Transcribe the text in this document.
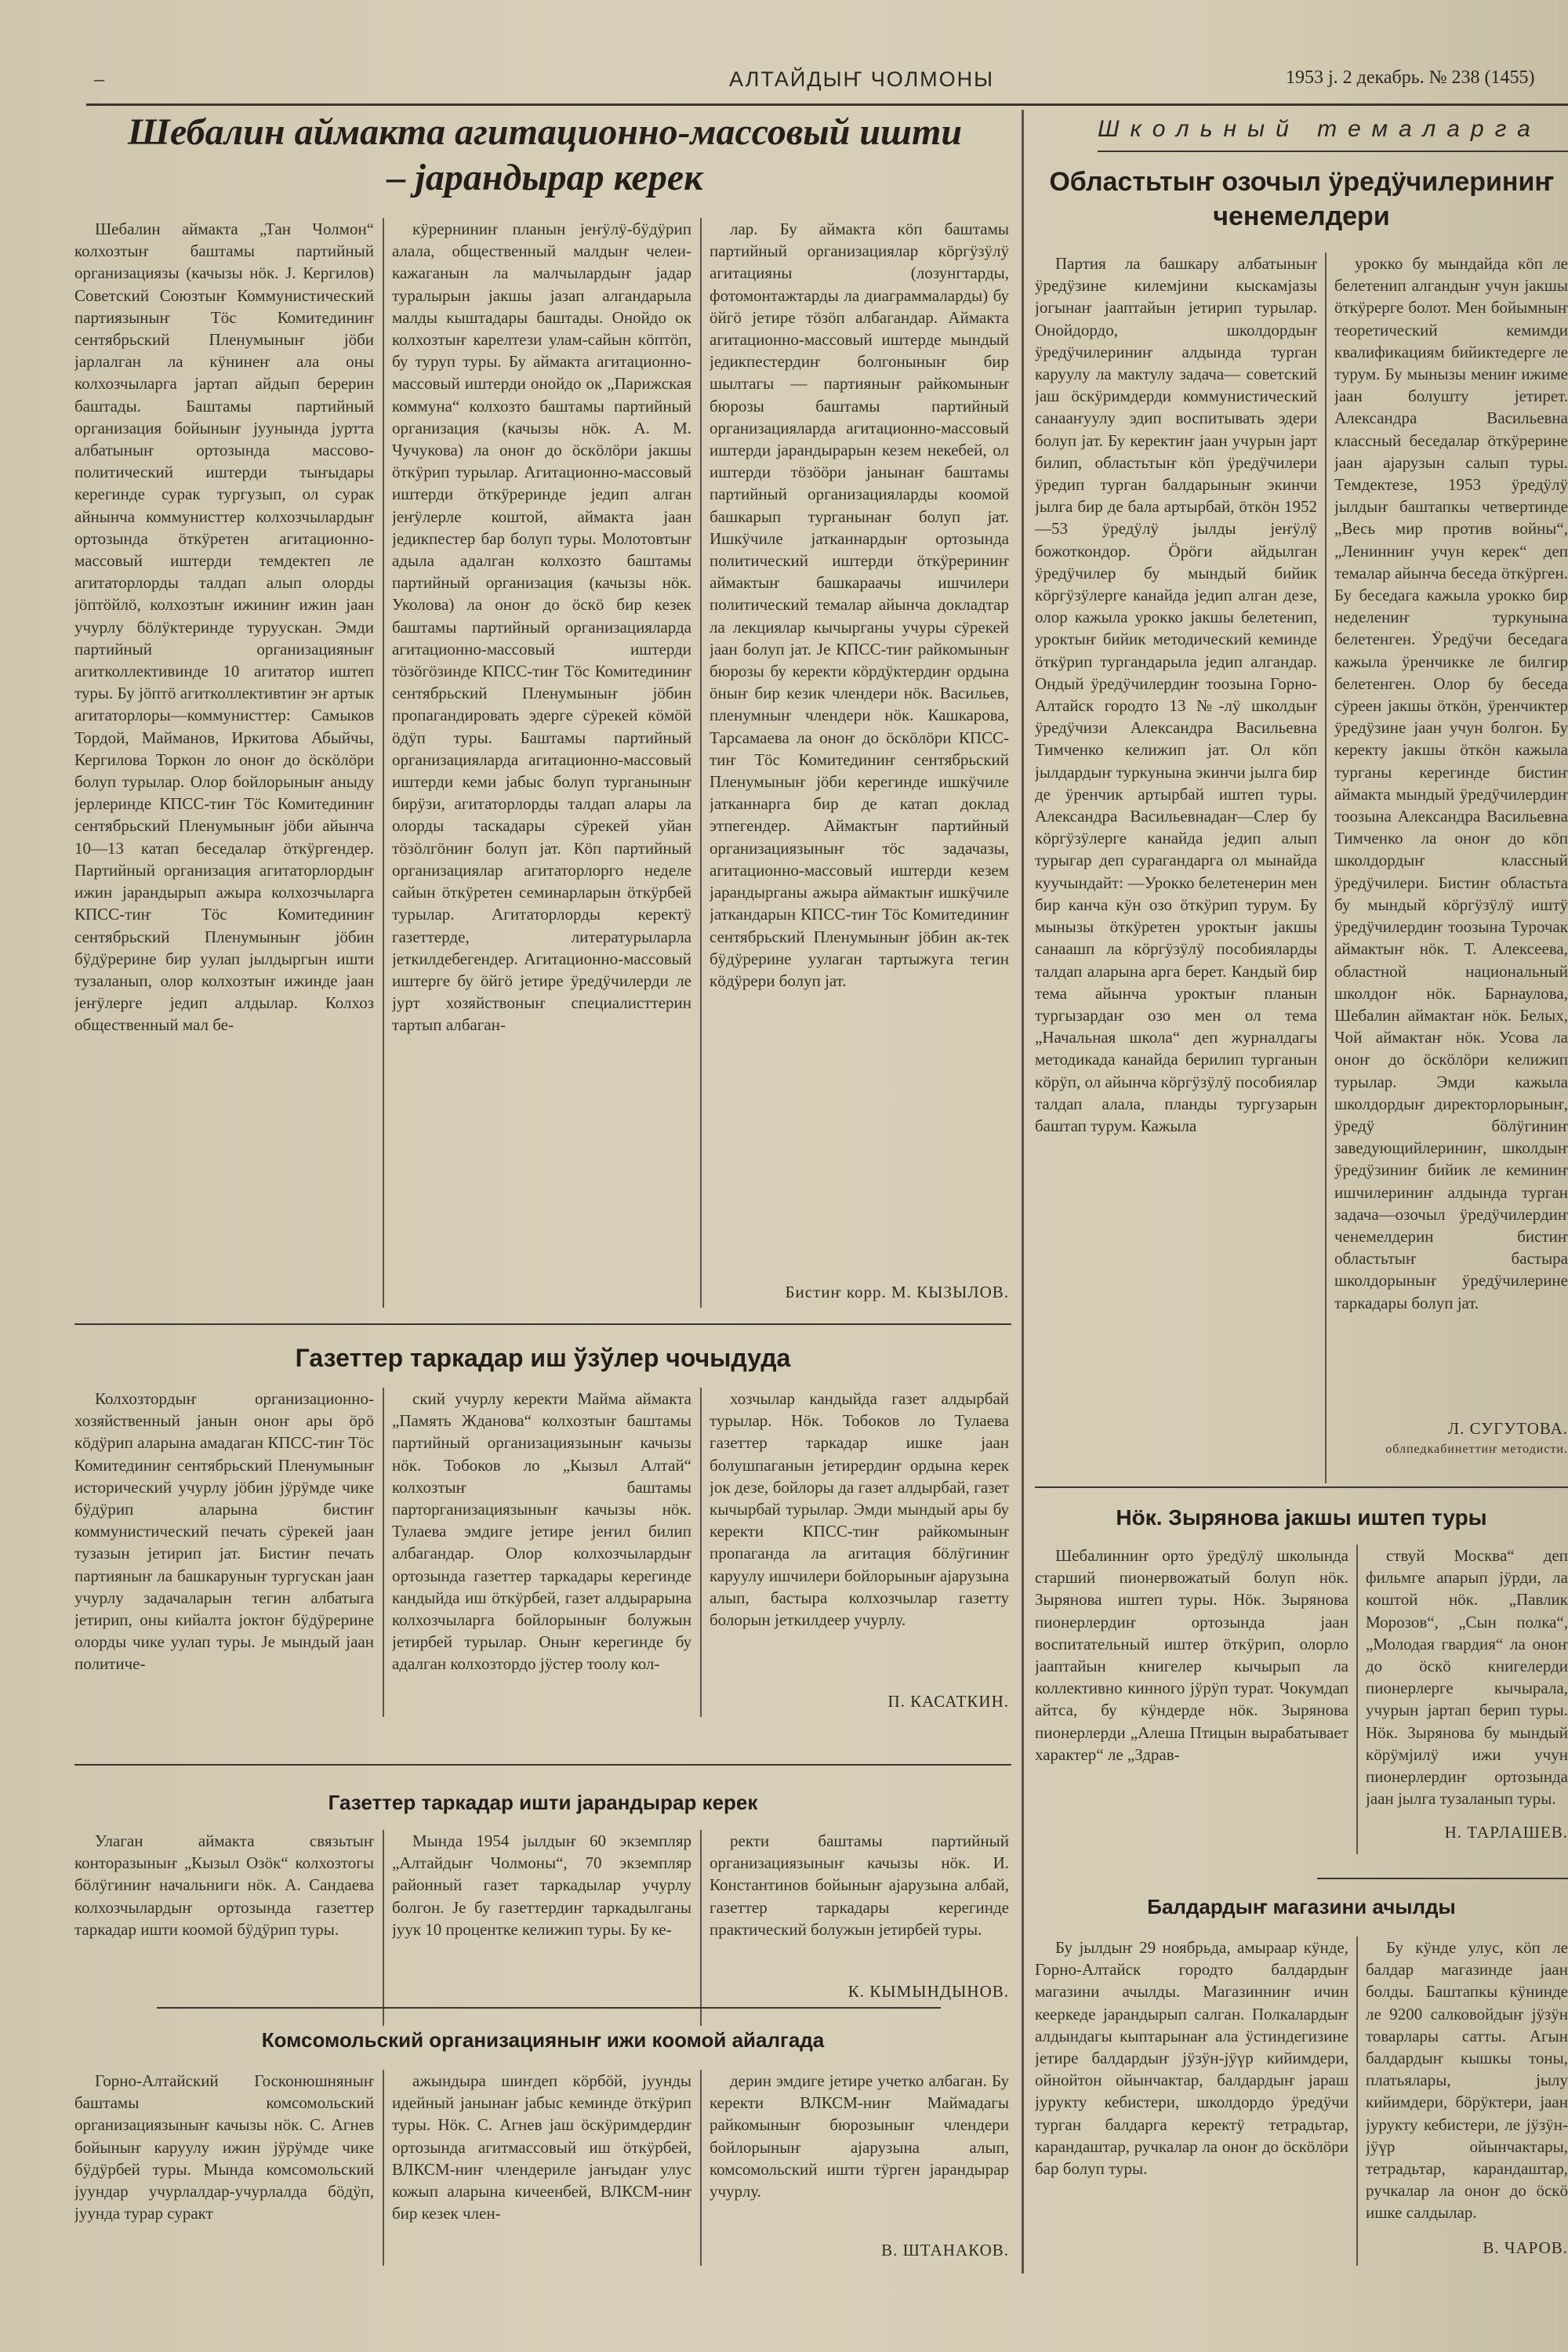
–	АЛТАЙДЫҤ ЧОЛМОНЫ	1953 ј. 2 декабрь. № 238 (1455)
Шебалин аймакта агитационно-массовый ишти
– јарандырар керек

Шебалин аймакта „Тан Чолмон“ колхозтыҥ баштамы партийный организациязы (качызы нӧк. Ј. Кергилов) Советский Союзтыҥ Коммунистический партиязыныҥ Тӧс Комитединиҥ сентябрьский Пленумыныҥ јӧби јарлалган ла кӱнинеҥ ала оны колхозчыларга јартап айдып берерин баштады. Баштамы партийный организация бойыныҥ јуунында јуртта албатыныҥ ортозында массово-политический иштерди тыҥыдары керегинде сурак тургузып, ол сурак айнынча коммунисттер колхозчылардыҥ ортозында ӧткӱретен агитационно-массовый иштерди темдектеп ле агитаторлорды талдап алып олорды јӧптӧйлӧ, колхозтыҥ ижиниҥ ижин јаан учурлу бӧлӱктеринде туруускан. Эмди партийный организацияныҥ агитколлективинде 10 агитатор иштеп туры. Бу јӧптӧ агитколлективтиҥ эҥ артык агитаторлоры—коммунисттер: Самыков Тордой, Майманов, Иркитова Абыйчы, Кергилова Торкон ло оноҥ до ӧскӧлӧри болуп турылар. Олор бойлорыныҥ аныду јерлеринде КПСС-тиҥ Тӧс Комитединиҥ сентябрьский Пленумыныҥ јӧби айынча 10—13 катап беседалар ӧткӱргендер. Партийный организация агитаторлордыҥ ижин јарандырып ажыра колхозчыларга КПСС-тиҥ Тӧс Комитединиҥ сентябрьский Пленумыныҥ јӧбин бӱдӱрерине бир уулап јылдыргын ишти тузаланып, олор колхозтыҥ ижинде јаан јеҥӱлерге једип алдылар. Колхоз общественный мал бе-

кӱрерниниҥ планын јеҥӱлӱ-бӱдӱрип алала, общественный малдыҥ челеи-кажаганын ла малчылардыҥ јадар туралырын јакшы јазап алгандарыла малды кыштадары баштады. Онойдо ок колхозтыҥ карелтези улам-сайын кӧптӧп, бу туруп туры. Бу аймакта агитационно-массовый иштерди онойдо ок „Парижская коммуна“ колхозто баштамы партийный организация (качызы нӧк. А. М. Чучукова) ла оноҥ до ӧскӧлӧри јакшы ӧткӱрип турылар. Агитационно-массовый иштерди ӧткӱреринде једип алган јеҥӱлерле коштой, аймакта јаан једикпестер бар болуп туры. Молотовтыҥ адыла адалган колхозто баштамы партийный организация (качызы нӧк. Уколова) ла оноҥ до ӧскӧ бир кезек баштамы партийный организацияларда агитационно-массовый иштерди тӧзӧгӧзинде КПСС-тиҥ Тӧс Комитединиҥ сентябрьский Пленумыныҥ јӧбин пропагандировать эдерге сӱрекей кӧмӧй ӧдӱп туры. Баштамы партийный организацияларда агитационно-массовый иштерди кеми јабыс болуп турганыныҥ бирӱзи, агитаторлорды талдап алары ла олорды таскадары сӱрекей уйан тӧзӧлгӧниҥ болуп јат. Кӧп партийный организациялар агитаторлорго неделе сайын ӧткӱретен семинарларын ӧткӱрбей турылар. Агитаторлорды керектӱ газеттерде, литературыларла јеткилдебегендер. Агитационно-массовый иштерге бу ӧйгӧ јетире ӱредӱчилерди ле јурт хозяйствоныҥ специалисттерин тартып албаган-

лар. Бу аймакта кӧп баштамы партийный организациялар кӧргӱзӱлӱ агитацияны (лозунгтарды, фотомонтажтарды ла диаграммаларды) бу ӧйгӧ јетире тӧзӧп албагандар. Аймакта агитационно-массовый иштерде мындый једикпестердиҥ болгоныныҥ бир шылтагы — партияныҥ райкомыныҥ бюрозы баштамы партийный организацияларда агитационно-массовый иштерди јарандырарын кезем некебей, ол иштерди тӧзӧӧри јанынаҥ баштамы партийный организацияларды коомой башкарып турганынаҥ болуп јат. Ишкӱчиле јатканнардыҥ ортозында политический иштерди ӧткӱрериниҥ аймактыҥ башкараачы ишчилери политический темалар айынча докладтар ла лекциялар кычырганы учуры сӱрекей јаан болуп јат. Је КПСС-тиҥ райкомыныҥ бюрозы бу керекти кӧрдӱктердиҥ ордына ӧныҥ бир кезик члендери нӧк. Васильев, пленумныҥ члендери нӧк. Кашкарова, Тарсамаева ла оноҥ до ӧскӧлӧри КПСС-тиҥ Тӧс Комитединиҥ сентябрьский Пленумыныҥ јӧби керегинде ишкӱчиле јатканнарга бир де катап доклад этпегендер. Аймактыҥ партийный организациязыныҥ тӧс задачазы, агитационно-массовый иштерди кезем јарандырганы ажыра аймактыҥ ишкӱчиле јаткандарын КПСС-тиҥ Тӧс Комитединиҥ сентябрьский Пленумыныҥ јӧбин ак-тек бӱдӱрерине уулаган тартыжуга тегин кӧдӱрери болуп јат.

Бистиҥ корр. М. КЫЗЫЛОВ.
Газеттер таркадар иш ўзўлер чочыдуда

Колхозтордыҥ организационно-хозяйственный јанын оноҥ ары ӧрӧ кӧдӱрип аларына амадаган КПСС-тиҥ Тӧс Комитединиҥ сентябрьский Пленумыныҥ исторический учурлу јӧбин јӱрӱмде чике бӱдӱрип аларына бистиҥ коммунистический печать сӱрекей јаан тузазын јетирип јат. Бистиҥ печать партияныҥ ла башкаруныҥ тургускан јаан учурлу задачаларын тегин албатыга јетирип, оны кийалта јоктоҥ бӱдӱрерине олорды чике уулап туры. Је мындый јаан политиче-

ский учурлу керекти Майма аймакта „Память Жданова“ колхозтыҥ баштамы партийный организациязыныҥ качызы нӧк. Тобоков ло „Кызыл Алтай“ колхозтыҥ баштамы парторганизациязыныҥ качызы нӧк. Тулаева эмдиге јетире јеҥил билип албагандар. Олор колхозчылардыҥ ортозында газеттер таркадары керегинде кандыйда иш ӧткӱрбей, газет алдырарына колхозчыларга бойлорыныҥ болужын јетирбей турылар. Оныҥ керегинде бу адалган колхозтордо јӱстер тоолу кол-

хозчылар кандыйда газет алдырбай турылар. Нӧк. Тобоков ло Тулаева газеттер таркадар ишке јаан болушпаганын јетирердиҥ ордына керек јок дезе, бойлоры да газет алдырбай, газет кычырбай турылар. Эмди мындый ары бу керекти КПСС-тиҥ райкомыныҥ пропаганда ла агитация бӧлӱгиниҥ каруулу ишчилери бойлорыныҥ ајарузына алып, бастыра колхозчылар газетту болорын јеткилдеер учурлу.

П. КАСАТКИН.
Газеттер таркадар ишти јарандырар керек

Улаган аймакта связьтыҥ конторазыныҥ „Кызыл Озӧк“ колхозтогы бӧлӱгиниҥ начальниги нӧк. А. Сандаева колхозчылардыҥ ортозында газеттер таркадар ишти коомой бӱдӱрип туры.

Мында 1954 јылдыҥ 60 экземпляр „Алтайдыҥ Чолмоны“, 70 экземпляр районный газет таркадылар учурлу болгон. Је бу газеттердиҥ таркадылганы јуук 10 процентке келижип туры. Бу ке-

ректи баштамы партийный организациязыныҥ качызы нӧк. И. Константинов бойыныҥ ајарузына албай, газеттер таркадары керегинде практический болужын јетирбей туры.

К. КЫМЫНДЫНОВ.
Комсомольский организацияныҥ ижи коомой айалгада

Горно-Алтайский Госконюшняныҥ баштамы комсомольский организациязыныҥ качызы нӧк. С. Агнев бойыныҥ каруулу ижин јӱрӱмде чике бӱдӱрбей туры. Мында комсомольский јуундар учурлалдар-учурлалда бӧдӱп, јуунда турар суракт

ажындыра шиҥдеп кӧрбӧй, јуунды идейный јанынаҥ јабыс кеминде ӧткӱрип туры. Нӧк. С. Агнев јаш ӧскӱримдердиҥ ортозында агитмассовый иш ӧткӱрбей, ВЛКСМ-ниҥ члендериле јаҥыдаҥ улус кожып аларына кичеенбей, ВЛКСМ-ниҥ бир кезек член-

дерин эмдиге јетире учетко албаган. Бу керекти ВЛКСМ-ниҥ Маймадагы райкомыныҥ бюрозыныҥ члендери бойлорыныҥ ајарузына алып, комсомольский ишти тӱрген јарандырар учурлу.

В. ШТАНАКОВ.
Школьный темаларга
Областьтыҥ озочыл ӱредӱчилериниҥ
ченемелдери

Партия ла башкару албатыныҥ ӱредӱзине килемјини кыскамјазы јогынаҥ јааптайын јетирип турылар. Онойдордо, школдордыҥ ӱредӱчилериниҥ алдында турган каруулу ла мактулу задача— советский јаш ӧскӱримдерди коммунистический санааҥуулу эдип воспитывать эдери болуп јат. Бу керектиҥ јаан учурын јарт билип, областьтыҥ кӧп ӱредӱчилери ӱредип турган балдарыныҥ экинчи јылга бир де бала артырбай, ӧткӧн 1952—53 ӱредӱлӱ јылды јеҥӱлӱ божоткондор. Ӧрӧги айдылган ӱредӱчилер бу мындый бийик кӧргӱзӱлерге канайда једип алган дезе, олор кажыла урокко јакшы белетенип, уроктыҥ бийик методический кеминде ӧткӱрип тургандарыла једип алгандар. Ондый ӱредӱчилердиҥ тоозына Горно-Алтайск городто 13 №-лӱ школдыҥ ӱредӱчизи Александра Васильевна Тимченко келижип јат. Ол кӧп јылдардыҥ туркунына экинчи јылга бир де ӱренчик артырбай иштеп туры. Александра Васильевнадаҥ—Слер бу кӧргӱзӱлерге канайда једип алып турыгар деп сурагандарга ол мынайда куучындайт: —Урокко белетенерин мен бир канча кӱн озо ӧткӱрип турум. Бу мынызы ӧткӱретен уроктыҥ јакшы санаашп ла кӧргӱзӱлӱ пособияларды талдап аларына арга берет. Кандый бир тема айынча уроктыҥ планын тургызардаҥ озо мен ол тема „Начальная школа“ деп журналдагы методикада канайда берилип турганын кӧрӱп, ол айынча кӧргӱзӱлӱ пособиялар талдап алала, планды тургузарын баштап турум. Кажыла

урокко бу мындайда кӧп ле белетенип алгандыҥ учун јакшы ӧткӱрерге болот. Мен бойымныҥ теоретический кемимди квалификациям бийиктедерге ле турум. Бу мынызы мениҥ ижиме јаан болушту јетирет. Александра Васильевна классный беседалар ӧткӱрерине јаан ајарузын салып туры. Темдектезе, 1953 ӱредӱлӱ јылдыҥ баштапкы четвертинде „Весь мир против войны“, „Ленинниҥ учун керек“ деп темалар айынча беседа ӧткӱрген. Бу беседага кажыла урокко бир неделениҥ туркунына белетенген. Ӱредӱчи беседага кажыла ӱренчикке ле билгир белетенген. Олор бу беседа сӱреен јакшы ӧткӧн, ӱренчиктер ӱредӱзине јаан учун болгон. Бу керекту јакшы ӧткӧн кажыла турганы керегинде бистиҥ аймакта мындый ӱредӱчилердиҥ тоозына Александра Васильевна Тимченко ла оноҥ до кӧп школдордыҥ классный ӱредӱчилери. Бистиҥ областьта бу мындый кӧргӱзӱлӱ иштӱ ӱредӱчилердиҥ тоозына Турочак аймактыҥ нӧк. Т. Алексеева, областной национальный школдоҥ нӧк. Барнаулова, Шебалин аймактаҥ нӧк. Белых, Чой аймактаҥ нӧк. Усова ла оноҥ до ӧскӧлӧри келижип турылар. Эмди кажыла школдордыҥ директорлорыныҥ, ӱредӱ бӧлӱгиниҥ заведующийлериниҥ, школдыҥ ӱредӱзиниҥ бийик ле кеминиҥ ишчилериниҥ алдында турган задача—озочыл ӱредӱчилердиҥ ченемелдерин бистиҥ областьтыҥ бастыра школдорыныҥ ӱредӱчилерине таркадары болуп јат.

Л. СУГУТОВА.
облпедкабинеттиҥ методисти.
Нӧк. Зырянова јакшы иштеп туры

Шебалинниҥ орто ӱредӱлӱ школында старший пионервожатый болуп нӧк. Зырянова иштеп туры. Нӧк. Зырянова пионерлердиҥ ортозында јаан воспитательный иштер ӧткӱрип, олорло јааптайын книгелер кычырып ла коллективно кинного јӱрӱп турат. Чокумдап айтса, бу кӱндерде нӧк. Зырянова пионерлерди „Алеша Птицын вырабатывает характер“ ле „Здрав-

ствуй Москва“ деп фильмге апарып јӱрди, ла коштой нӧк. „Павлик Морозов“, „Сын полка“, „Молодая гвардия“ ла оноҥ до ӧскӧ книгелерди пионерлерге кычырала, учурын јартап берип туры. Нӧк. Зырянова бу мындый кӧрӱмјилӱ ижи учун пионерлердиҥ ортозында јаан јылга тузаланып туры.

Н. ТАРЛАШЕВ.
Балдардыҥ магазини ачылды

Бу јылдыҥ 29 ноябрьда, амыраар кӱнде, Горно-Алтайск городто балдардыҥ магазини ачылды. Магазинниҥ ичин кееркеде јарандырып салган. Полкалардыҥ алдындагы кыптарынаҥ ала ӱстиндегизине јетире балдардыҥ јӱзӱн-јӱүр кийимдери, ойнойтон ойынчактар, балдардыҥ јараш јурукту кебистери, школдордо ӱредӱчи турган балдарга керектӱ тетрадьтар, карандаштар, ручкалар ла оноҥ до ӧскӧлӧри бар болуп туры.

Бу кӱнде улус, кӧп ле балдар магазинде јаан болды. Баштапкы кӱнинде ле 9200 салковойдыҥ јӱзӱн товарлары сатты. Агын балдардыҥ кышкы тоны, платьялары, јылу кийимдери, бӧрӱктери, јаан јурукту кебистери, ле јӱзӱн-јӱүр ойынчактары, тетрадьтар, карандаштар, ручкалар ла оноҥ до ӧскӧ ишке салдылар.

В. ЧАРОВ.
